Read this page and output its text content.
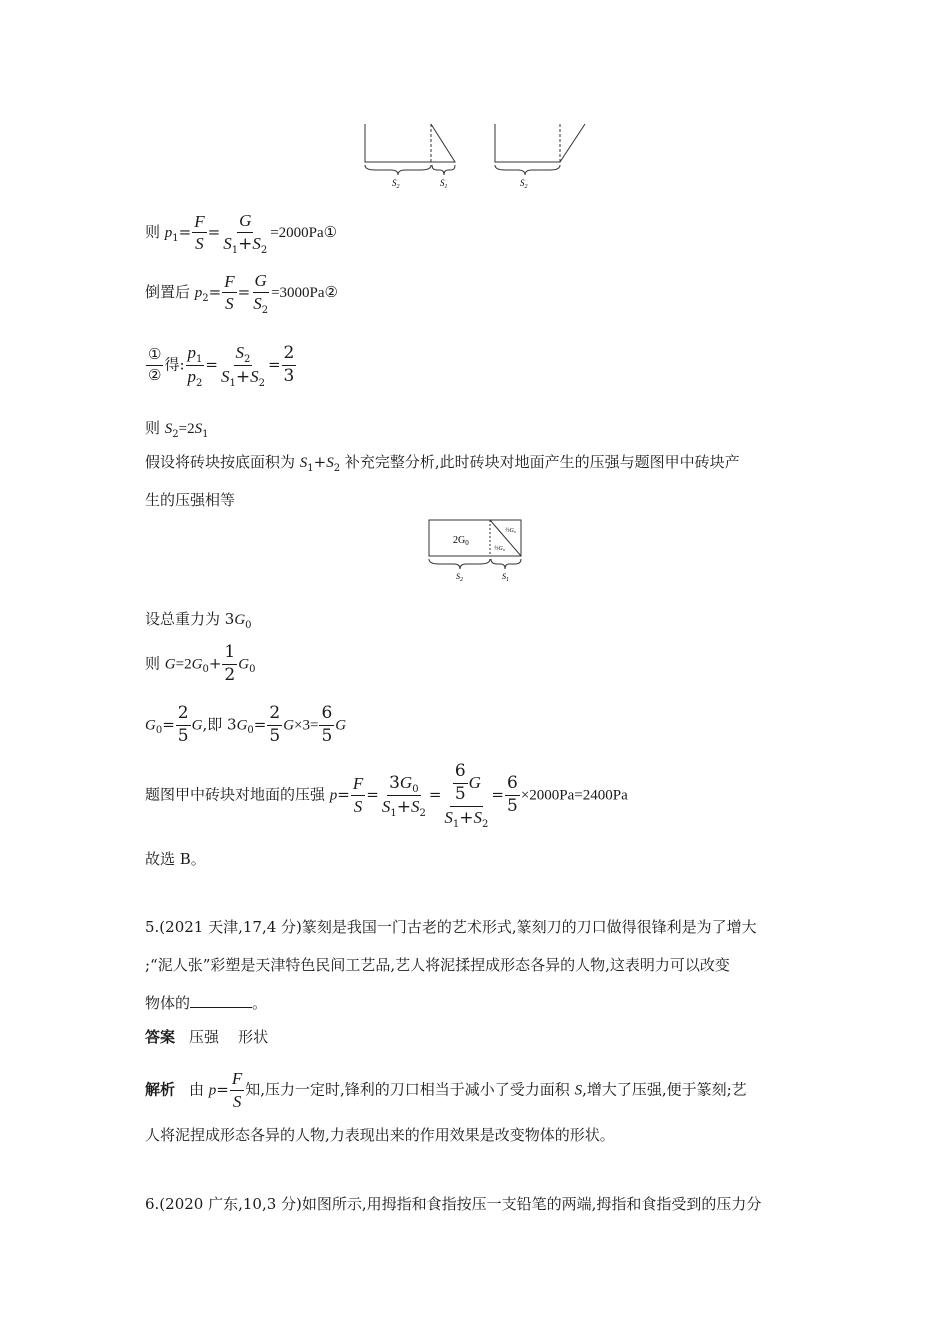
$S_2$	$S_1$	$S_2$
则 $p_1= \frac{F}{S} = \frac{G}{S_1+S_2}$ =2000Pa①
倒置后 $p_2= \frac{F}{S} = \frac{G}{S_2}$ =3000Pa②
$\frac{\text{①}}{\text{②}}$ 得: $\frac{p_1}{p_2} = \frac{S_2}{S_1+S_2} = \frac{2}{3}$
则 $S_2=2S_1$
假设将砖块按底面积为 $S_1+S_2$ 补充完整分析,此时砖块对地面产生的压强与题图甲中砖块产
生的压强相等
$2G_0$
½G₀
½G₀
$S_2$	$S_1$
设总重力为 $3G_0$
则 $G=2G_0+ \frac{1}{2} G_0$
$G_0= \frac{2}{5} G$,即 $3G_0= \frac{2}{5} G\times 3= \frac{6}{5}$ G
题图甲中砖块对地面的压强 $p= \frac{F}{S} = \frac{3G_0}{S_1+S_2} = \frac{\frac{6}{5} G}{S_1+S_2} = \frac{6}{5} \times 2000Pa=2400Pa$
故选 B。
5.(2021 天津,17,4 分)篆刻是我国一门古老的艺术形式,篆刻刀的刀口做得很锋利是为了增大
;“泥人张”彩塑是天津特色民间工艺品,艺人将泥揉捏成形态各异的人物,这表明力可以改变
物体的	。
答案 压强    形状
解析 由 $p= \frac{F}{S}$ 知,压力一定时,锋利的刀口相当于减小了受力面积 S,增大了压强,便于篆刻;艺
人将泥捏成形态各异的人物,力表现出来的作用效果是改变物体的形状。
6.(2020 广东,10,3 分)如图所示,用拇指和食指按压一支铅笔的两端,拇指和食指受到的压力分
